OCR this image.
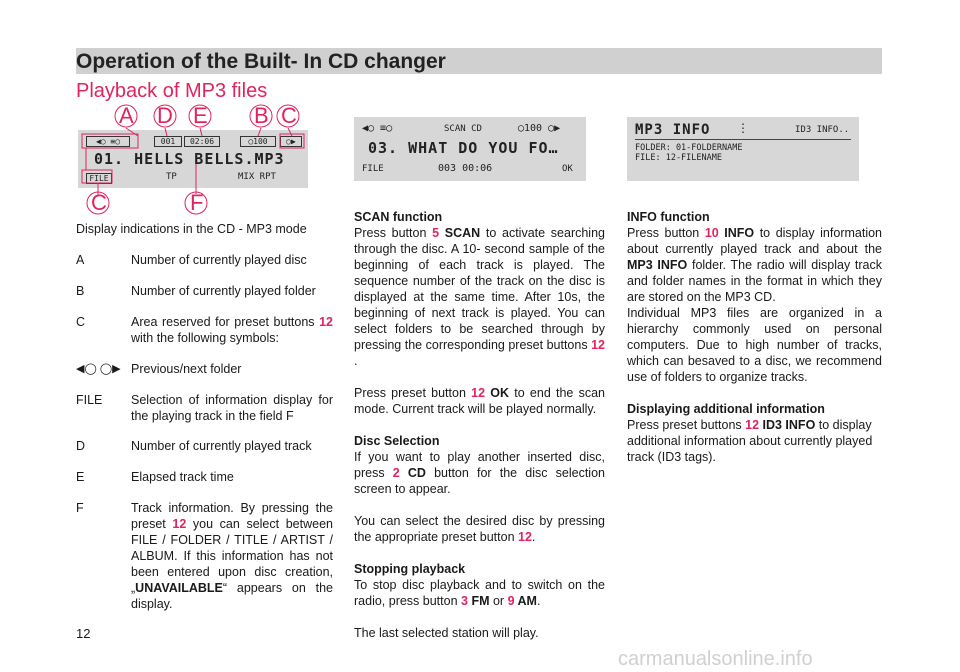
Operation of the Built- In CD changer
Playback of MP3 files
◀◯ ≡◯	001	02:06	◯100	◯▶
01. HELLS BELLS.MP3
FILE	TP	MIX RPT
A D E B C
C	F
◀◯ ≡◯	SCAN CD	◯100 ◯▶
03. WHAT DO YOU FO…
FILE	003 00:06	OK
MP3 INFO ⋮	ID3 INFO..
FOLDER: 01-FOLDERNAME
FILE: 12-FILENAME
Display indications in the CD - MP3 mode
A	Number of currently played disc
B	Number of currently played folder
C	Area reserved for preset buttons 12 with the following symbols:
◀◯ ◯▶ Previous/next folder
FILE Selection of information display for the playing track in the field F
D	Number of currently played track
E	Elapsed track time
F	Track information. By pressing the preset 12 you can select between FILE / FOLDER / TITLE / ARTIST / ALBUM. If this information has not been entered upon disc creation, „UNAVAILABLE“ appears on the display.
SCAN function
Press button 5 SCAN to activate searching through the disc. A 10- second sample of the beginning of each track is played. The sequence number of the track on the disc is displayed at the same time. After 10s, the beginning of next track is played. You can select folders to be searched through by pressing the corresponding preset buttons 12 .
Press preset button 12 OK to end the scan mode. Current track will be played normally.
Disc Selection
If you want to play another inserted disc, press 2 CD button for the disc selection screen to appear.
You can select the desired disc by pressing the appropriate preset button 12.
Stopping playback
To stop disc playback and to switch on the radio, press button 3 FM or 9 AM.
The last selected station will play.
INFO function
Press button 10 INFO to display information about currently played track and about the MP3 INFO folder. The radio will display track and folder names in the format in which they are stored on the MP3 CD.
Individual MP3 files are organized in a hierarchy commonly used on personal computers. Due to high number of tracks, which can besaved to a disc, we recommend use of folders to organize tracks.
Displaying additional information
Press preset buttons 12 ID3 INFO to display additional information about currently played track (ID3 tags).
12
carmanualsonline.info
